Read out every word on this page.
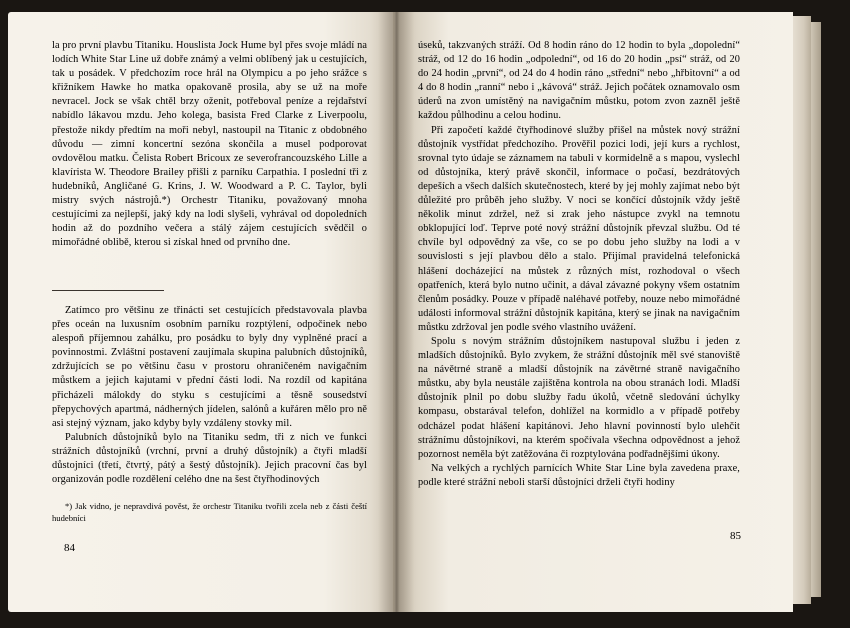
la pro první plavbu Titaniku. Houslista Jock Hume byl přes svoje mládí na lodích White Star Line už dobře známý a velmi oblíbený jak u cestujících, tak u posádek. V předchozím roce hrál na Olympicu a po jeho srážce s křižníkem Hawke ho matka opakovaně prosila, aby se už na moře nevracel. Jock se však chtěl brzy oženit, potřeboval peníze a rejdařství nabídlo lákavou mzdu. Jeho kolega, basista Fred Clarke z Liverpoolu, přestože nikdy předtím na moři nebyl, nastoupil na Titanic z obdobného důvodu — zimní koncertní sezóna skončila a musel podporovat ovdovělou matku. Čelista Robert Bricoux ze severofrancouzského Lille a klavírista W. Theodore Brailey přišli z parníku Carpathia. I poslední tři z hudebníků, Angličané G. Krins, J. W. Woodward a P. C. Taylor, byli mistry svých nástrojů.*) Orchestr Titaniku, považovaný mnoha cestujícími za nejlepší, jaký kdy na lodi slyšeli, vyhrával od dopoledních hodin až do pozdního večera a stálý zájem cestujících svědčil o mimořádné oblibě, kterou si získal hned od prvního dne.

Zatímco pro většinu ze třinácti set cestujících představovala plavba přes oceán na luxusním osobním parníku rozptýlení, odpočinek nebo alespoň příjemnou zahálku, pro posádku to byly dny vyplněné prací a povinnostmi. Zvláštní postavení zaujímala skupina palubních důstojníků, zdržujících se po většinu času v prostoru ohraničeném navigačním můstkem a jejich kajutami v přední části lodi. Na rozdíl od kapitána přicházeli málokdy do styku s cestujícími a těsně sousedství přepychových apartmá, nádherných jídelen, salónů a kuřáren mělo pro ně asi stejný význam, jako kdyby byly vzdáleny stovky mil.

Palubních důstojníků bylo na Titaniku sedm, tři z nich ve funkci strážních důstojníků (vrchní, první a druhý důstojník) a čtyři mladší důstojníci (třetí, čtvrtý, pátý a šestý důstojník). Jejich pracovní čas byl organizován podle rozdělení celého dne na šest čtyřhodinových

*) Jak vidno, je nepravdivá pověst, že orchestr Titaniku tvořili zcela neb z části čeští hudebníci

84

úseků, takzvaných stráží. Od 8 hodin ráno do 12 hodin to byla „dopolední“ stráž, od 12 do 16 hodin „odpolední“, od 16 do 20 hodin „psí“ stráž, od 20 do 24 hodin „první“, od 24 do 4 hodin ráno „střední“ nebo „hřbitovní“ a od 4 do 8 hodin „ranní“ nebo i „kávová“ stráž. Jejich počátek oznamovalo osm úderů na zvon umístěný na navigačním můstku, potom zvon zazněl ještě každou půlhodinu a celou hodinu.

Při započetí každé čtyřhodinové služby přišel na můstek nový strážní důstojník vystřídat předchozího. Prověřil pozici lodi, její kurs a rychlost, srovnal tyto údaje se záznamem na tabuli v kormidelně a s mapou, vyslechl od důstojníka, který právě skončil, informace o počasí, bezdrátových depeších a všech dalších skutečnostech, které by jej mohly zajímat nebo být důležité pro průběh jeho služby. V noci se končící důstojník vždy ještě několik minut zdržel, než si zrak jeho nástupce zvykl na temnotu obklopující loď. Teprve poté nový strážní důstojník převzal službu. Od té chvíle byl odpovědný za vše, co se po dobu jeho služby na lodi a v souvislosti s její plavbou dělo a stalo. Přijímal pravidelná telefonická hlášení docházející na můstek z různých míst, rozhodoval o všech opatřeních, která bylo nutno učinit, a dával závazné pokyny všem ostatním členům posádky. Pouze v případě naléhavé potřeby, nouze nebo mimořádné události informoval strážní důstojník kapitána, který se jinak na navigačním můstku zdržoval jen podle svého vlastního uvážení.

Spolu s novým strážním důstojníkem nastupoval službu i jeden z mladších důstojníků. Bylo zvykem, že strážní důstojník měl své stanoviště na návětrné straně a mladší důstojník na závětrné straně navigačního můstku, aby byla neustále zajištěna kontrola na obou stranách lodi. Mladší důstojník plnil po dobu služby řadu úkolů, včetně sledování úchylky kompasu, obstarával telefon, dohlížel na kormidlo a v případě potřeby odcházel podat hlášení kapitánovi. Jeho hlavní povinností bylo ulehčit strážnímu důstojníkovi, na kterém spočívala všechna odpovědnost a jehož pozornost neměla být zatěžována či rozptylována podřadnějšími úkony.

Na velkých a rychlých parnících White Star Line byla zavedena praxe, podle které strážní neboli starší důstojníci drželi čtyři hodiny

85
